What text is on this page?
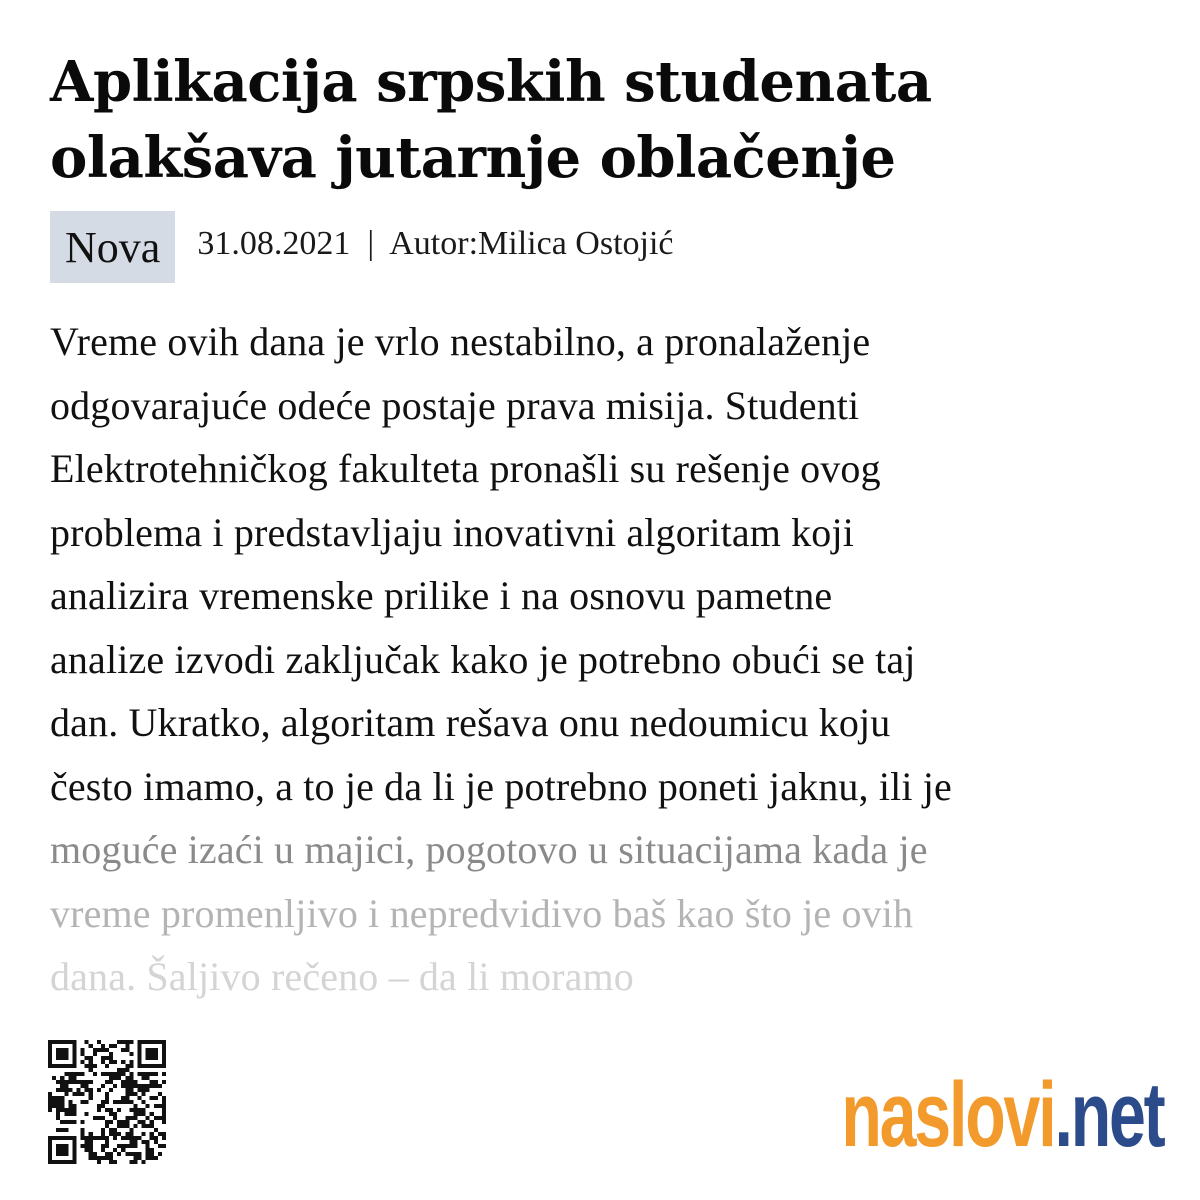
Aplikacija srpskih studenata olakšava jutarnje oblačenje
Nova	31.08.2021 | Autor:Milica Ostojić
Vreme ovih dana je vrlo nestabilno, a pronalaženje
odgovarajuće odeće postaje prava misija. Studenti
Elektrotehničkog fakulteta pronašli su rešenje ovog
problema i predstavljaju inovativni algoritam koji
analizira vremenske prilike i na osnovu pametne
analize izvodi zaključak kako je potrebno obući se taj
dan. Ukratko, algoritam rešava onu nedoumicu koju
često imamo, a to je da li je potrebno poneti jaknu, ili je
moguće izaći u majici, pogotovo u situacijama kada je
vreme promenljivo i nepredvidivo baš kao što je ovih
dana. Šaljivo rečeno – da li moramo
naslovi.net
